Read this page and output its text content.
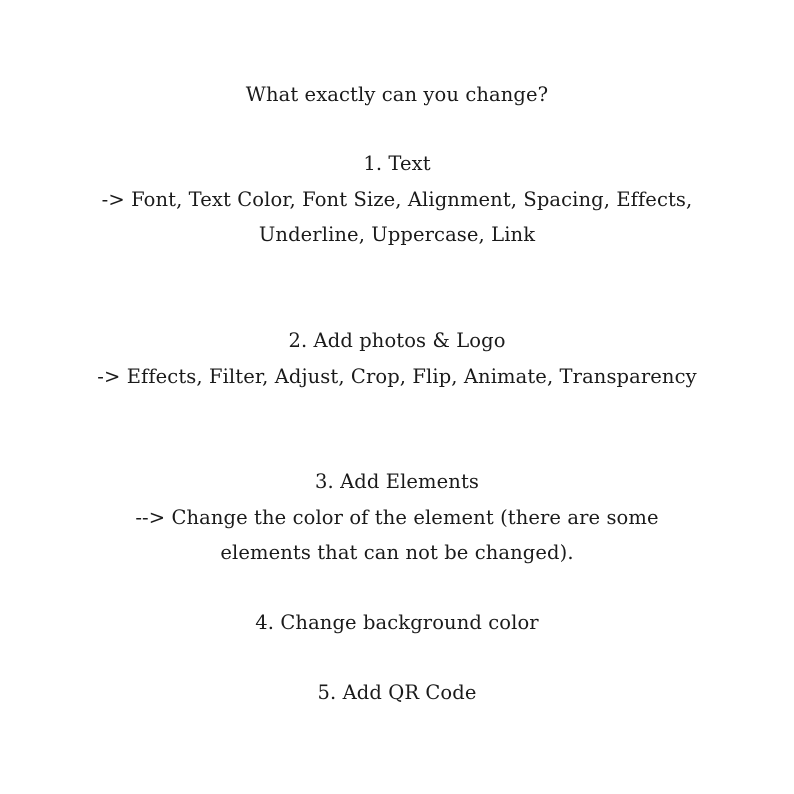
What exactly can you change?
1. Text
-> Font, Text Color, Font Size, Alignment, Spacing, Effects,
Underline, Uppercase, Link
2. Add photos & Logo
-> Effects, Filter, Adjust, Crop, Flip, Animate, Transparency
3. Add Elements
--> Change the color of the element (there are some
elements that can not be changed).
4. Change background color
5. Add QR Code
